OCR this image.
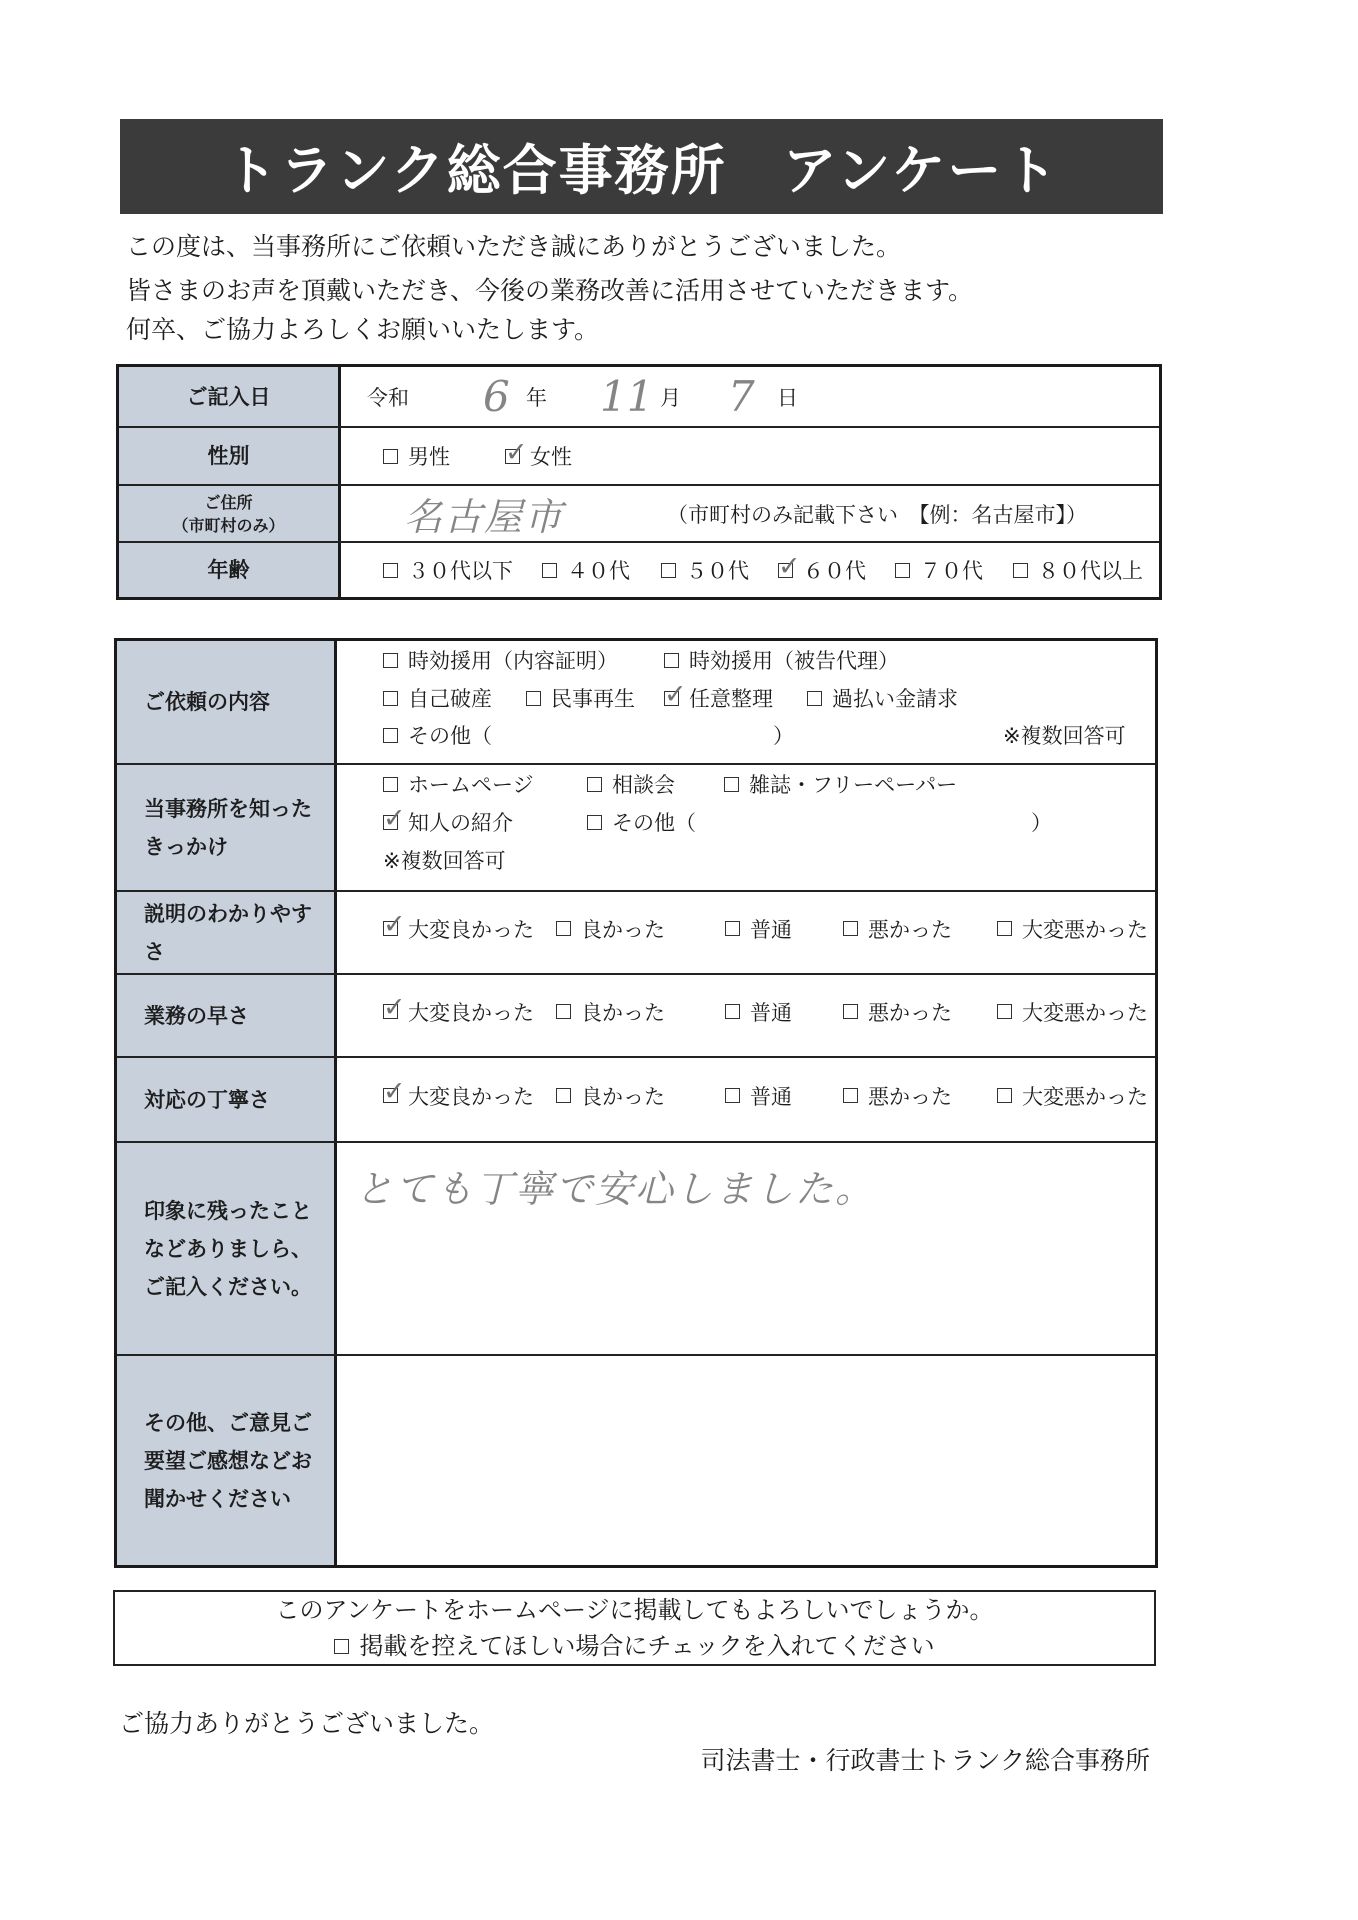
トランク総合事務所　アンケート
この度は、当事務所にご依頼いただき誠にありがとうございました。
皆さまのお声を頂戴いただき、今後の業務改善に活用させていただきます。
何卒、ご協力よろしくお願いいたします。
ご記入日	令和 6 年 11 月 7 日
性別	男性 ✓	女性
ご住所
（市町村のみ）	名古屋市	（市町村のみ記載下さい　【例：名古屋市】）
年齢	３０代以下	４０代	５０代 ✓	６０代	７０代	８０代以上
ご依頼の内容
時効援用（内容証明）	時効援用（被告代理）
自己破産	民事再生 ✓	任意整理	過払い金請求
その他（	）	※複数回答可
当事務所を知った
きっかけ
ホームページ	相談会	雑誌・フリーペーパー
✓
知人の紹介	その他（	）
※複数回答可
説明のわかりやす
さ
✓
大変良かった 良かった	普通	悪かった	大変悪かった
業務の早さ ✓	大変良かった 良かった	普通	悪かった	大変悪かった
対応の丁寧さ ✓	大変良かった 良かった	普通	悪かった	大変悪かった
印象に残ったこと
などありましら、
ご記入ください。
とても丁寧で安心しました。
その他、ご意見ご
要望ご感想などお
聞かせください
このアンケートをホームページに掲載してもよろしいでしょうか。
掲載を控えてほしい場合にチェックを入れてください
ご協力ありがとうございました。
司法書士・行政書士トランク総合事務所
